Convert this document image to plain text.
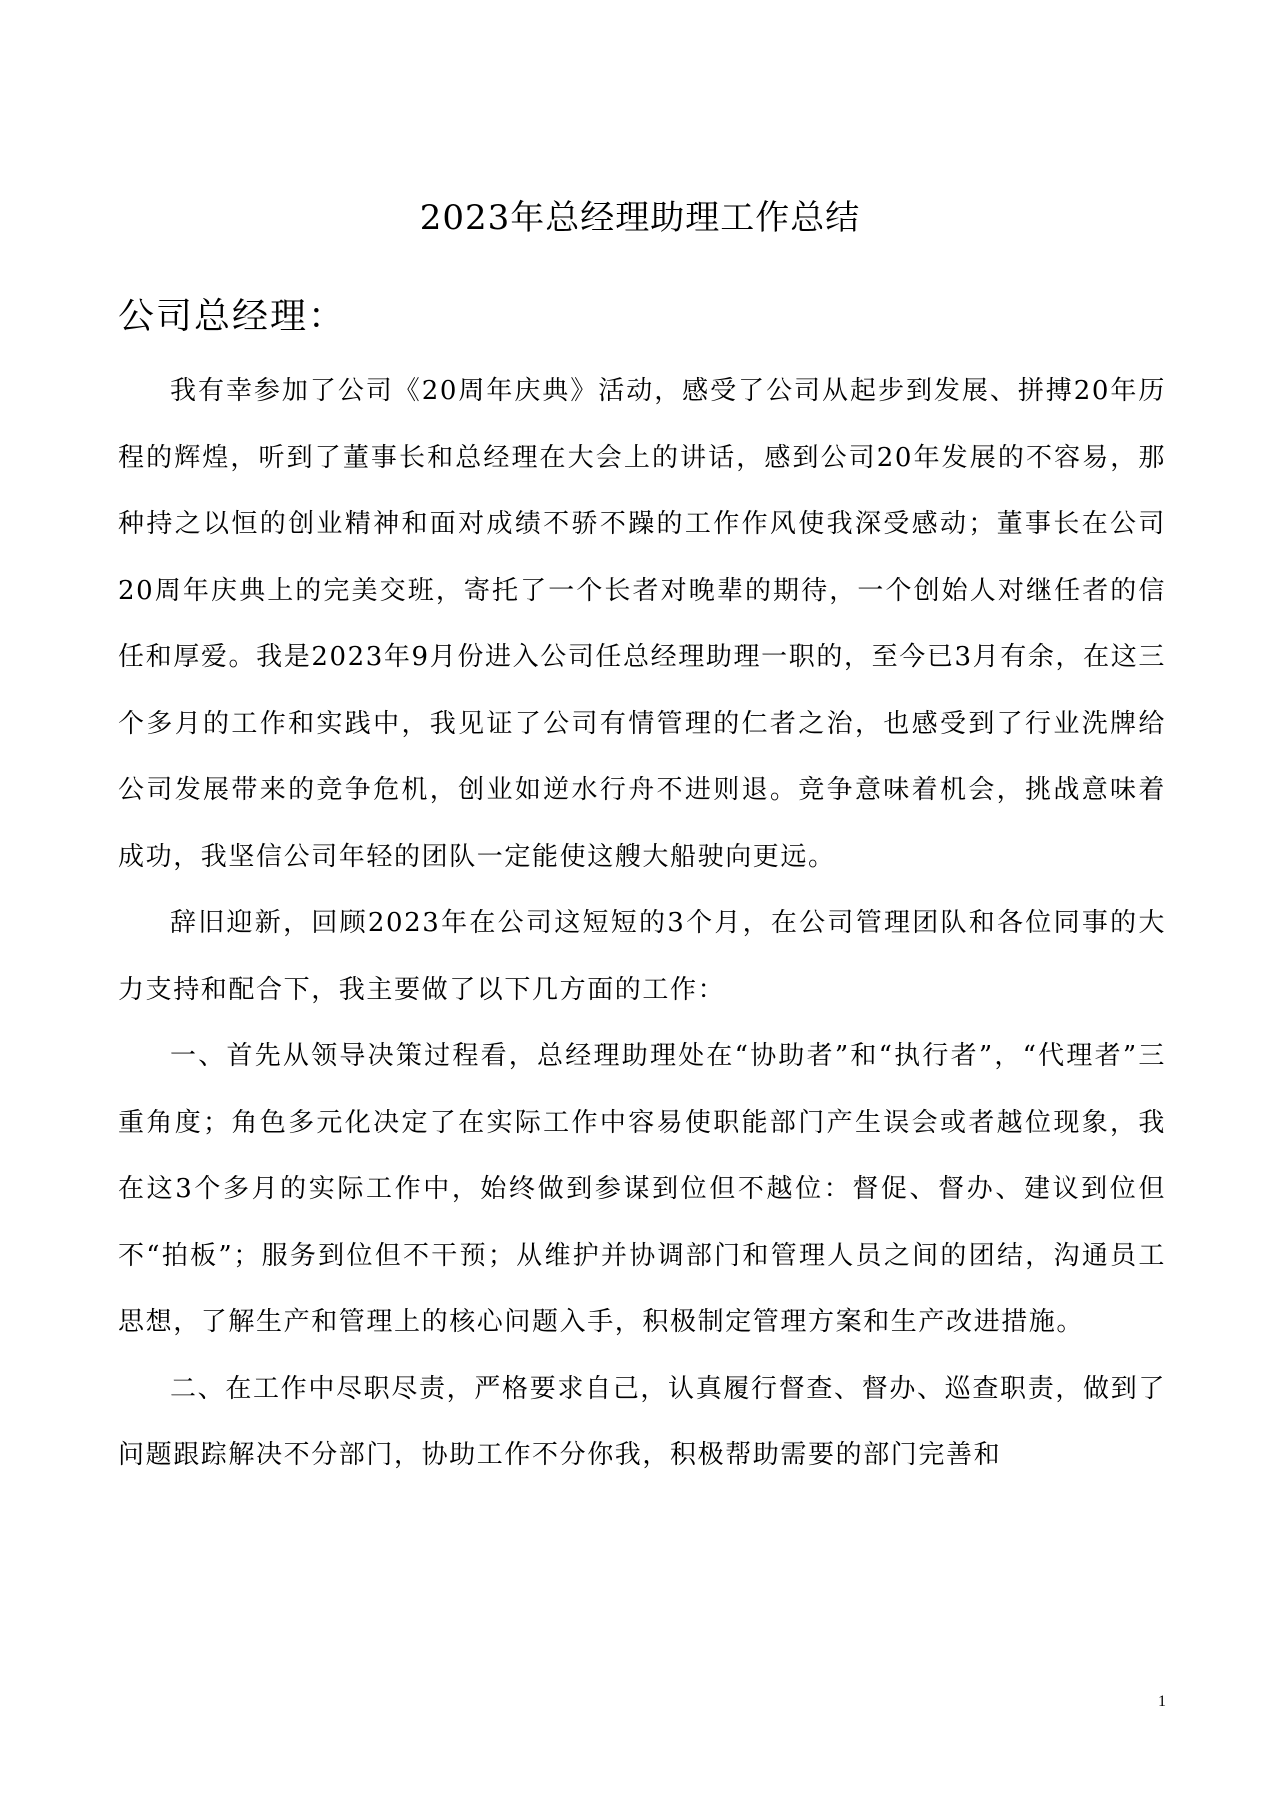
2023年总经理助理工作总结
公司总经理：

我有幸参加了公司《20周年庆典》活动，感受了公司从起步到发展、拼搏20年历程的辉煌，听到了董事长和总经理在大会上的讲话，感到公司20年发展的不容易，那种持之以恒的创业精神和面对成绩不骄不躁的工作作风使我深受感动；董事长在公司20周年庆典上的完美交班，寄托了一个长者对晚辈的期待，一个创始人对继任者的信任和厚爱。我是2023年9月份进入公司任总经理助理一职的，至今已3月有余，在这三个多月的工作和实践中，我见证了公司有情管理的仁者之治，也感受到了行业洗牌给公司发展带来的竞争危机，创业如逆水行舟不进则退。竞争意味着机会，挑战意味着成功，我坚信公司年轻的团队一定能使这艘大船驶向更远。

辞旧迎新，回顾2023年在公司这短短的3个月，在公司管理团队和各位同事的大力支持和配合下，我主要做了以下几方面的工作：

一、首先从领导决策过程看，总经理助理处在“协助者”和“执行者”，“代理者”三重角度；角色多元化决定了在实际工作中容易使职能部门产生误会或者越位现象，我在这3个多月的实际工作中，始终做到参谋到位但不越位：督促、督办、建议到位但不“拍板”；服务到位但不干预；从维护并协调部门和管理人员之间的团结，沟通员工思想，了解生产和管理上的核心问题入手，积极制定管理方案和生产改进措施。

二、在工作中尽职尽责，严格要求自己，认真履行督查、督办、巡查职责，做到了问题跟踪解决不分部门，协助工作不分你我，积极帮助需要的部门完善和

1
